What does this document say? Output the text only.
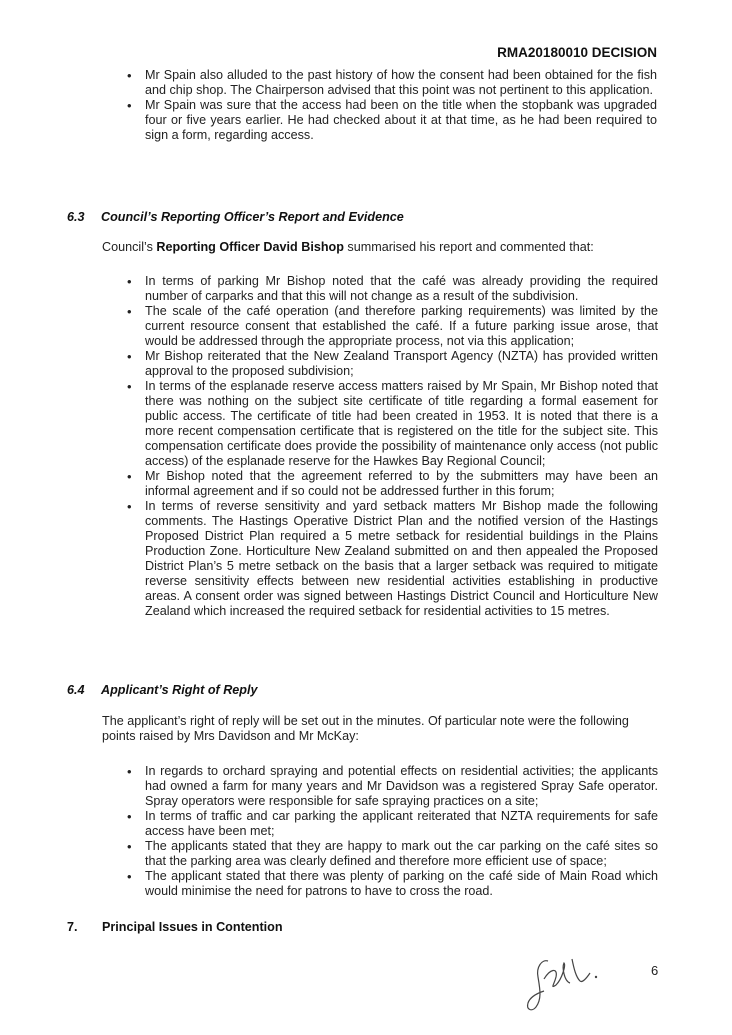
RMA20180010 DECISION
• Mr Spain also alluded to the past history of how the consent had been obtained for the fish and chip shop. The Chairperson advised that this point was not pertinent to this application.
• Mr Spain was sure that the access had been on the title when the stopbank was upgraded four or five years earlier. He had checked about it at that time, as he had been required to sign a form, regarding access.
6.3 Council’s Reporting Officer’s Report and Evidence
Council’s Reporting Officer David Bishop summarised his report and commented that:
• In terms of parking Mr Bishop noted that the café was already providing the required number of carparks and that this will not change as a result of the subdivision.
• The scale of the café operation (and therefore parking requirements) was limited by the current resource consent that established the café. If a future parking issue arose, that would be addressed through the appropriate process, not via this application;
• Mr Bishop reiterated that the New Zealand Transport Agency (NZTA) has provided written approval to the proposed subdivision;
• In terms of the esplanade reserve access matters raised by Mr Spain, Mr Bishop noted that there was nothing on the subject site certificate of title regarding a formal easement for public access. The certificate of title had been created in 1953. It is noted that there is a more recent compensation certificate that is registered on the title for the subject site. This compensation certificate does provide the possibility of maintenance only access (not public access) of the esplanade reserve for the Hawkes Bay Regional Council;
• Mr Bishop noted that the agreement referred to by the submitters may have been an informal agreement and if so could not be addressed further in this forum;
• In terms of reverse sensitivity and yard setback matters Mr Bishop made the following comments. The Hastings Operative District Plan and the notified version of the Hastings Proposed District Plan required a 5 metre setback for residential buildings in the Plains Production Zone. Horticulture New Zealand submitted on and then appealed the Proposed District Plan’s 5 metre setback on the basis that a larger setback was required to mitigate reverse sensitivity effects between new residential activities establishing in productive areas. A consent order was signed between Hastings District Council and Horticulture New Zealand which increased the required setback for residential activities to 15 metres.
6.4 Applicant’s Right of Reply
The applicant’s right of reply will be set out in the minutes. Of particular note were the following points raised by Mrs Davidson and Mr McKay:
• In regards to orchard spraying and potential effects on residential activities; the applicants had owned a farm for many years and Mr Davidson was a registered Spray Safe operator. Spray operators were responsible for safe spraying practices on a site;
• In terms of traffic and car parking the applicant reiterated that NZTA requirements for safe access have been met;
• The applicants stated that they are happy to mark out the car parking on the café sites so that the parking area was clearly defined and therefore more efficient use of space;
• The applicant stated that there was plenty of parking on the café side of Main Road which would minimise the need for patrons to have to cross the road.
7. Principal Issues in Contention
6
